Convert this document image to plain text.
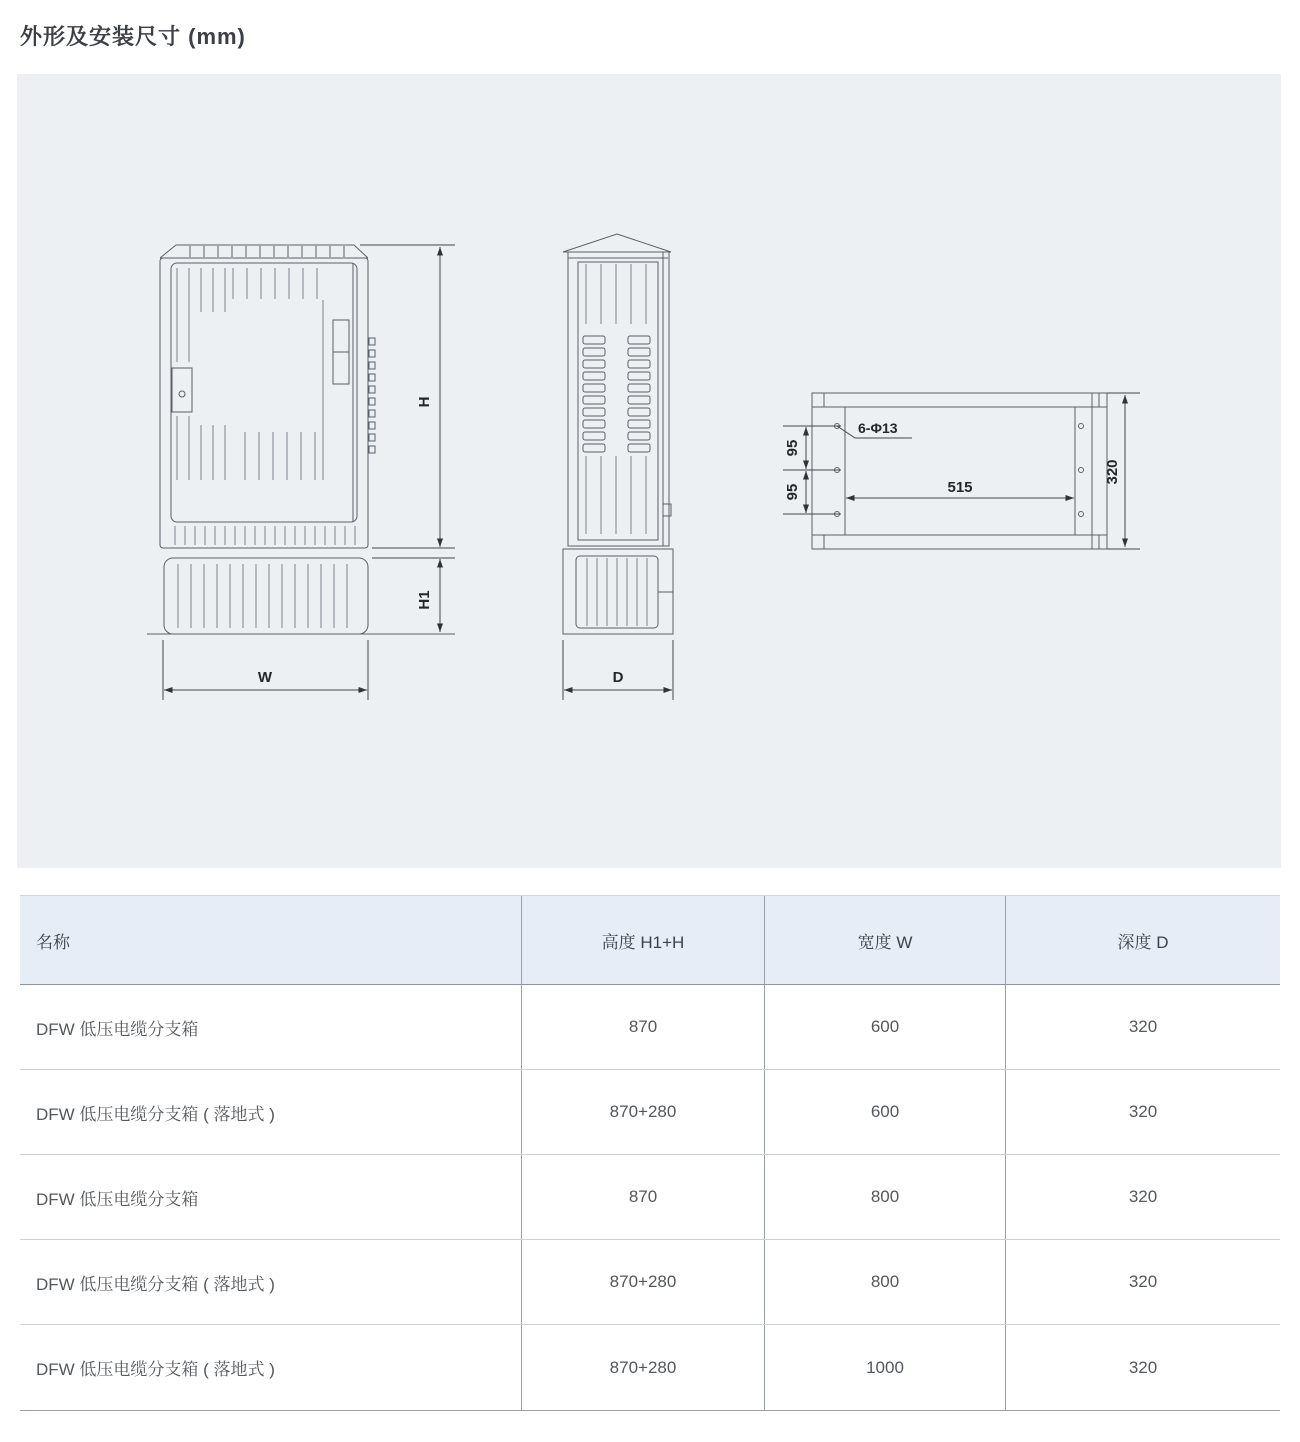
外形及安装尺寸 (mm)
H
H1
W	D
95
95	515
320
6-Φ13
名称	高度 H1+H	宽度 W	深度 D
DFW 低压电缆分支箱	870	600	320
DFW 低压电缆分支箱 ( 落地式 )	870+280	600	320
DFW 低压电缆分支箱	870	800	320
DFW 低压电缆分支箱 ( 落地式 )	870+280	800	320
DFW 低压电缆分支箱 ( 落地式 )	870+280	1000	320
